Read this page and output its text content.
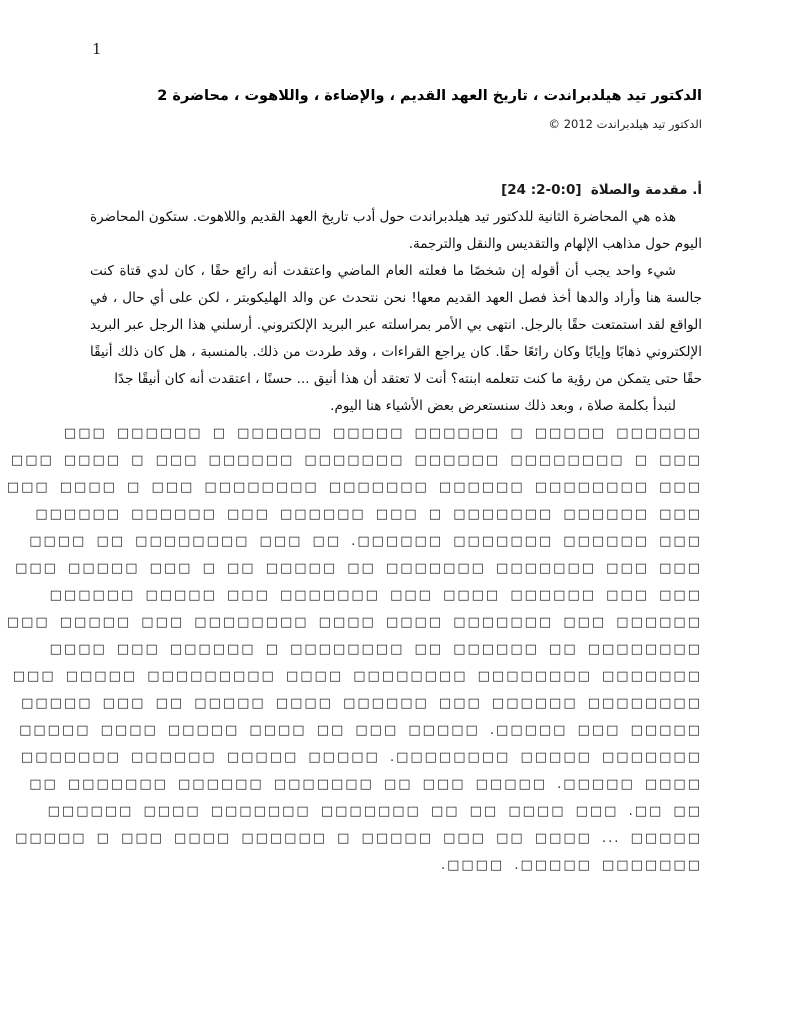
1
الدكتور تيد هيلدبراندت ، تاريخ العهد القديم ، والإضاءة ، واللاهوت ، محاضرة 2
الدكتور تيد هيلدبراندت 2012 ©
أ. مقدمة والصلاة [0:0-2: 24]

هذه هي المحاضرة الثانية للدكتور تيد هيلدبراندت حول أدب تاريخ العهد القديم واللاهوت. ستكون المحاضرة اليوم حول مذاهب الإلهام والتقديس والنقل والترجمة.

شيء واحد يجب أن أقوله إن شخصًا ما فعلته العام الماضي واعتقدت أنه رائع حقًا ، كان لدي قتاة كنت جالسة هنا وأراد والدها أخذ فصل العهد القديم معها! نحن نتحدث عن والد الهليكوبتر ، لكن على أي حال ، في الواقع لقد استمتعت حقًا بالرجل. انتهى بي الأمر بمراسلته عبر البريد الإلكتروني. أرسلني هذا الرجل عبر البريد الإلكتروني ذهابًا وإيابًا وكان رائعًا حقًا. كان يراجع القراءات ، وقد طردت من ذلك. بالمنسبة ، هل كان ذلك أنيقًا حقًا حتى يتمكن من رؤية ما كنت تتعلمه ابنته؟ أنت لا تعتقد أن هذا أنيق ... حسنًا ، اعتقدت أنه كان أنيقًا جدًا

لنبدأ بكلمة صلاة ، وبعد ذلك سنستعرض بعض الأشياء هنا اليوم.

□□□□□□ □□□□□ □ □□□□□□ □□□□□ □□□□□□ □ □□□□□□ □□□
□□□ □ □□□□□□□□ □□□□□□ □□□□□□□ □□□□□□ □□□ □ □□□□ □□□
□□□ □□□□□□□□ □□□□□□ □□□□□□□ □□□□□□□□ □□□ □ □□□□ □□□
□□□ □□□□□□ □□□□□□□ □ □□□ □□□□□□ □□□ □□□□□□ □□□□□□
□□□ □□□□□□ □□□□□□□ □□□□□□. □□ □□□ □□□□□□□□ □□ □□□□
□□□ □□□ □□□□□□□ □□□□□□□ □□ □□□□□ □□ □ □□□ □□□□□ □□□
□□□ □□□ □□□□□□ □□□□ □□□ □□□□□□□ □□□ □□□□□ □□□□□□
□□□□□□ □□□ □□□□□□□ □□□□ □□□□ □□□□□□□□ □□□ □□□□□ □□□
□□□□□□□□ □□ □□□□□□ □□ □□□□□□□□ □ □□□□□□ □□□ □□□□
□□□□□□□ □□□□□□□□ □□□□□□□□ □□□□ □□□□□□□□□ □□□□□ □□□
□□□□□□□□ □□□□□□ □□□ □□□□□□ □□□□ □□□□□ □□ □□□ □□□□□
□□□□□ □□□ □□□□□. □□□□□ □□□ □□ □□□□ □□□□□ □□□□ □□□□□
□□□□□□□ □□□□□ □□□□□□□□. □□□□□ □□□□□ □□□□□□ □□□□□□□
□□□□ □□□□□. □□□□□ □□□ □□ □□□□□□□ □□□□□□ □□□□□□□ □□
□□ □□. □□□ □□□□ □□ □□ □□□□□□□ □□□□□□□ □□□□ □□□□□□
□□□□□ ... □□□□ □□ □□□ □□□□□ □ □□□□□□ □□□□ □□□ □ □□□□□
□□□□□□□ □□□□□. □□□□.
